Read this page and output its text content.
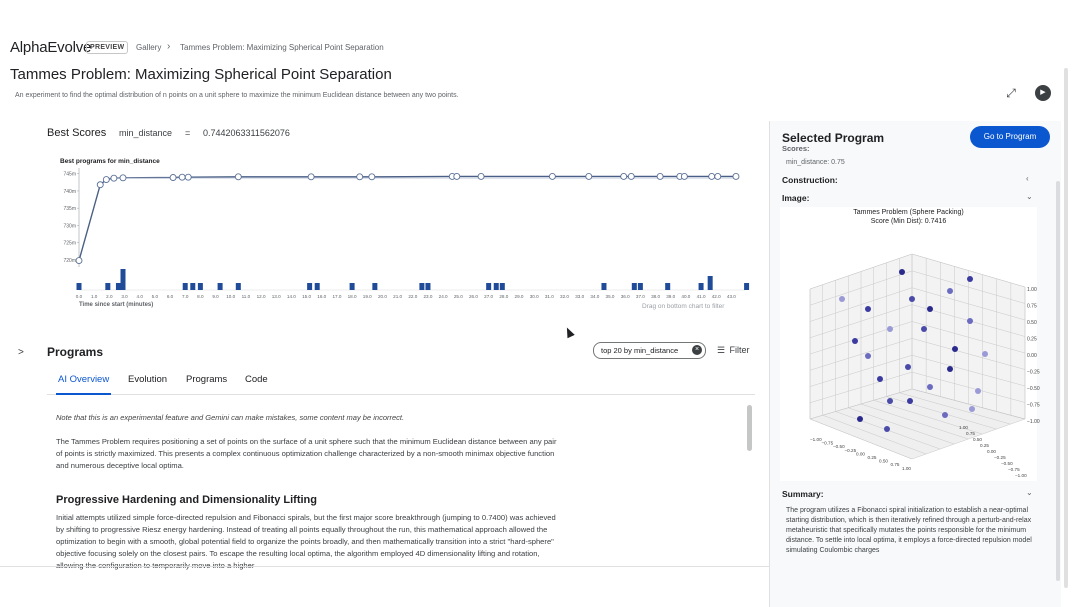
AlphaEvolve
PREVIEW	Gallery › Tammes Problem: Maximizing Spherical Point Separation
Tammes Problem: Maximizing Spherical Point Separation
An experiment to find the optimal distribution of n points on a unit sphere to maximize the minimum Euclidean distance between any two points.	⤢	▶
Best Scores min_distance = 0.7442063311562076
Best programs for min_distance
745m
740m
735m
730m
725m
720m
0.0 1.0 2.0 3.0 4.0 5.0 6.0 7.0 8.0 9.0 10.0 11.0 12.0 13.0 14.0 15.0 16.0 17.0 18.0 19.0 20.0 21.0 22.0 23.0 24.0 25.0 26.0 27.0 28.0 29.0 30.0 31.0 32.0 33.0 34.0 35.0 36.0 37.0 38.0 39.0 40.0 41.0 42.0 43.0
Time since start (minutes)	Drag on bottom chart to filter
> Programs	top 20 by min_distance	×	☰ Filter
AI Overview Evolution Programs Code
Note that this is an experimental feature and Gemini can make mistakes, some content may be incorrect.
The Tammes Problem requires positioning a set of points on the surface of a unit sphere such that the minimum Euclidean distance between any pair of points is strictly maximized. This presents a complex continuous optimization challenge characterized by a non-smooth minimax objective function and numerous deceptive local optima.
Progressive Hardening and Dimensionality Lifting
Initial attempts utilized simple force-directed repulsion and Fibonacci spirals, but the first major score breakthrough (jumping to 0.7400) was achieved by shifting to progressive Riesz energy hardening. Instead of treating all points equally throughout the run, this mathematical approach allowed the optimization to begin with a smooth, global potential field to organize the points broadly, and then mathematically transition into a strict "hard-sphere" objective focusing solely on the closest pairs. To escape the resulting local optima, the algorithm employed 4D dimensionality lifting and rotation,
Selected Program	Go to Program
Scores:
min_distance: 0.75
Construction:	‹
Image:	⌄
Tammes Problem (Sphere Packing)
Score (Min Dist): 0.7416
1.00
0.75
0.50
0.25
0.00
−0.25
−0.50
−0.75
−1.00
−1.00
−0.75
−0.50
−0.25
0.00
0.25
0.50
0.75
1.00
−1.00
−0.75
−0.50
−0.25
0.00
0.25
0.50
0.75
1.00
Summary:	⌄
The program utilizes a Fibonacci spiral initialization to establish a near-optimal starting distribution, which is then iteratively refined through a perturb-and-relax metaheuristic that specifically mutates the points responsible for the minimum distance. To settle into local optima, it employs a force-directed repulsion model simulating Coulombic charges
